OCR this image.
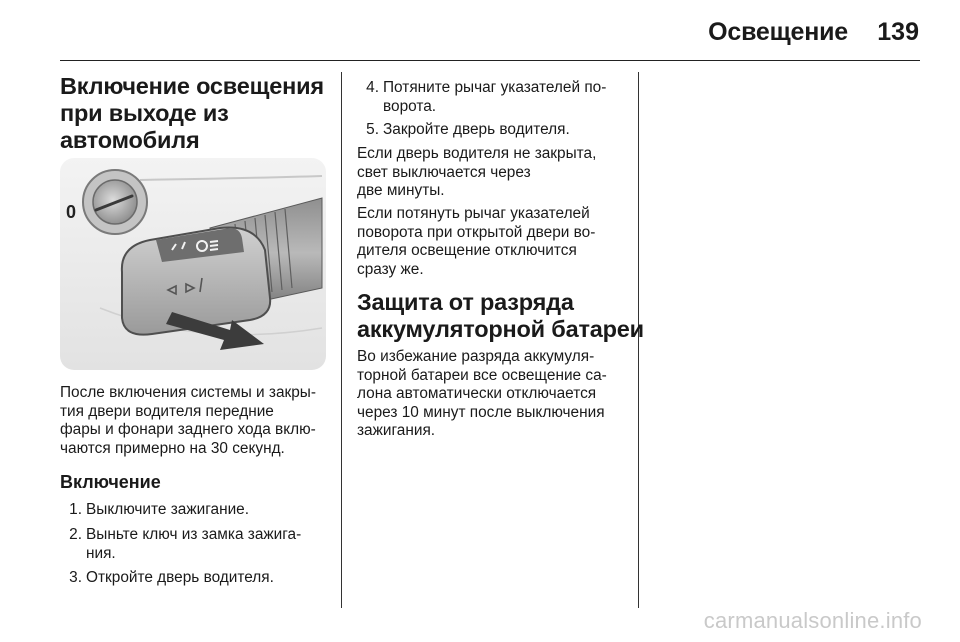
Освещение 139
Включение освещения
при выходе из
автомобиля
0
После включения системы и закры-
тия двери водителя передние
фары и фонари заднего хода вклю-
чаются примерно на 30 секунд.
Включение
1. Выключите зажигание.
2. Выньте ключ из замка зажига-
ния.
3. Откройте дверь водителя.
4. Потяните рычаг указателей по-
ворота.
5. Закройте дверь водителя.
Если дверь водителя не закрыта,
свет выключается через
две минуты.
Если потянуть рычаг указателей
поворота при открытой двери во-
дителя освещение отключится
сразу же.
Защита от разряда
аккумуляторной батареи
Во избежание разряда аккумуля-
торной батареи все освещение са-
лона автоматически отключается
через 10 минут после выключения
зажигания.
carmanualsonline.info
